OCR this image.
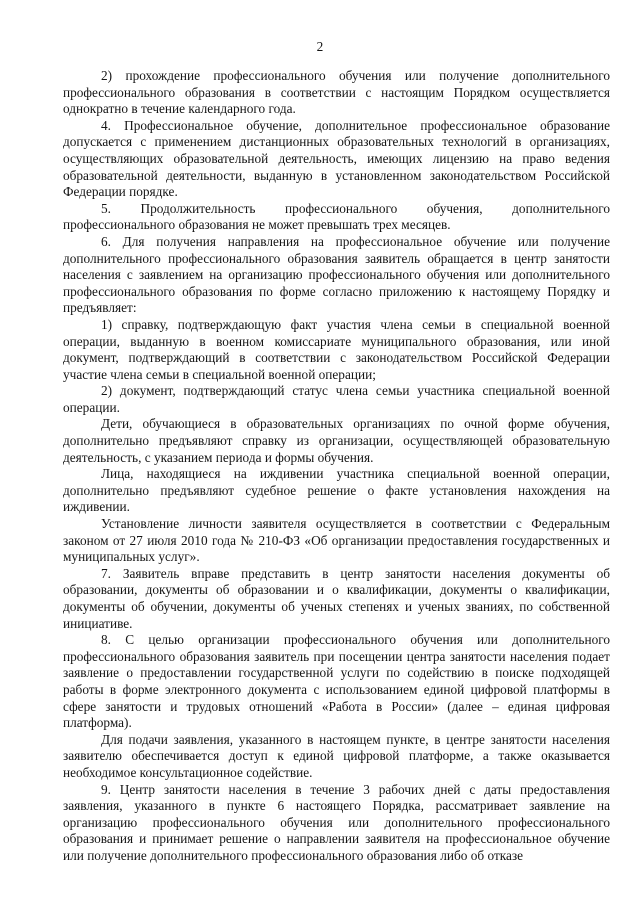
2

2) прохождение профессионального обучения или получение дополнительного профессионального образования в соответствии с настоящим Порядком осуществляется однократно в течение календарного года.

4. Профессиональное обучение, дополнительное профессиональное образование допускается с применением дистанционных образовательных технологий в организациях, осуществляющих образовательной деятельность, имеющих лицензию на право ведения образовательной деятельности, выданную в установленном законодательством Российской Федерации порядке.

5. Продолжительность профессионального обучения, дополнительного профессионального образования не может превышать трех месяцев.

6. Для получения направления на профессиональное обучение или получение дополнительного профессионального образования заявитель обращается в центр занятости населения с заявлением на организацию профессионального обучения или дополнительного профессионального образования по форме согласно приложению к настоящему Порядку и предъявляет:

1) справку, подтверждающую факт участия члена семьи в специальной военной операции, выданную в военном комиссариате муниципального образования, или иной документ, подтверждающий в соответствии с законодательством Российской Федерации участие члена семьи в специальной военной операции;

2) документ, подтверждающий статус члена семьи участника специальной военной операции.

Дети, обучающиеся в образовательных организациях по очной форме обучения, дополнительно предъявляют справку из организации, осуществляющей образовательную деятельность, с указанием периода и формы обучения.

Лица, находящиеся на иждивении участника специальной военной операции, дополнительно предъявляют судебное решение о факте установления нахождения на иждивении.

Установление личности заявителя осуществляется в соответствии с Федеральным законом от 27 июля 2010 года № 210-ФЗ «Об организации предоставления государственных и муниципальных услуг».

7. Заявитель вправе представить в центр занятости населения документы об образовании, документы об образовании и о квалификации, документы о квалификации, документы об обучении, документы об ученых степенях и ученых званиях, по собственной инициативе.

8. С целью организации профессионального обучения или дополнительного профессионального образования заявитель при посещении центра занятости населения подает заявление о предоставлении государственной услуги по содействию в поиске подходящей работы в форме электронного документа с использованием единой цифровой платформы в сфере занятости и трудовых отношений «Работа в России» (далее – единая цифровая платформа).

Для подачи заявления, указанного в настоящем пункте, в центре занятости населения заявителю обеспечивается доступ к единой цифровой платформе, а также оказывается необходимое консультационное содействие.

9. Центр занятости населения в течение 3 рабочих дней с даты предоставления заявления, указанного в пункте 6 настоящего Порядка, рассматривает заявление на организацию профессионального обучения или дополнительного профессионального образования и принимает решение о направлении заявителя на профессиональное обучение или получение дополнительного профессионального образования либо об отказе
